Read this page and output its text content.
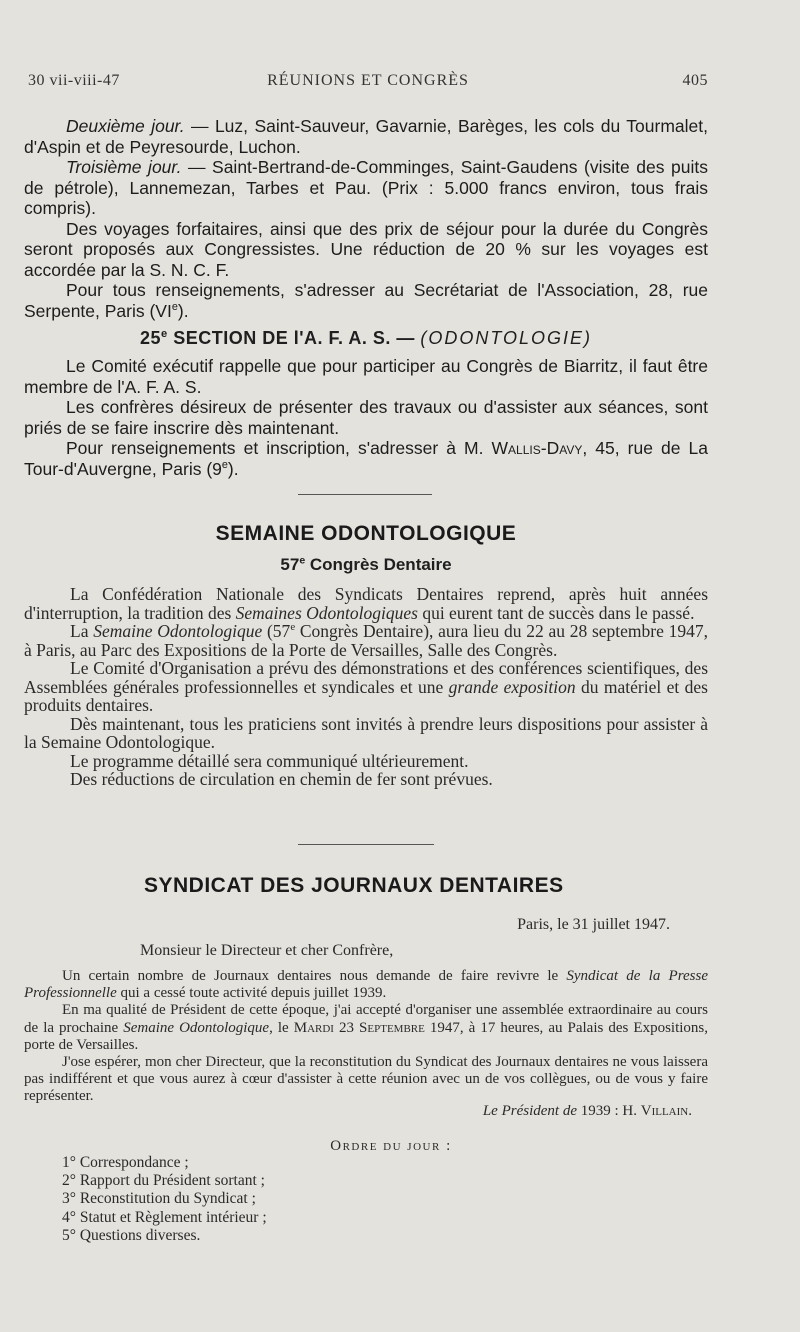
30 vii-viii-47	RÉUNIONS ET CONGRÈS	405

Deuxième jour. — Luz, Saint-Sauveur, Gavarnie, Barèges, les cols du Tourmalet, d'Aspin et de Peyresourde, Luchon.

Troisième jour. — Saint-Bertrand-de-Comminges, Saint-Gaudens (visite des puits de pétrole), Lannemezan, Tarbes et Pau. (Prix : 5.000 francs environ, tous frais compris).

Des voyages forfaitaires, ainsi que des prix de séjour pour la durée du Congrès seront proposés aux Congressistes. Une réduction de 20 % sur les voyages est accordée par la S. N. C. F.

Pour tous renseignements, s'adresser au Secrétariat de l'Association, 28, rue Serpente, Paris (VIe).

25e SECTION DE l'A. F. A. S. — (ODONTOLOGIE)

Le Comité exécutif rappelle que pour participer au Congrès de Biarritz, il faut être membre de l'A. F. A. S.

Les confrères désireux de présenter des travaux ou d'assister aux séances, sont priés de se faire inscrire dès maintenant.

Pour renseignements et inscription, s'adresser à M. Wallis-Davy, 45, rue de La Tour-d'Auvergne, Paris (9e).

SEMAINE ODONTOLOGIQUE
57e Congrès Dentaire

La Confédération Nationale des Syndicats Dentaires reprend, après huit années d'interruption, la tradition des Semaines Odontologiques qui eurent tant de succès dans le passé.

La Semaine Odontologique (57e Congrès Dentaire), aura lieu du 22 au 28 septembre 1947, à Paris, au Parc des Expositions de la Porte de Versailles, Salle des Congrès.

Le Comité d'Organisation a prévu des démonstrations et des conférences scientifiques, des Assemblées générales professionnelles et syndicales et une grande exposition du matériel et des produits dentaires.

Dès maintenant, tous les praticiens sont invités à prendre leurs dispositions pour assister à la Semaine Odontologique.

Le programme détaillé sera communiqué ultérieurement.

Des réductions de circulation en chemin de fer sont prévues.

SYNDICAT DES JOURNAUX DENTAIRES
Paris, le 31 juillet 1947.
Monsieur le Directeur et cher Confrère,

Un certain nombre de Journaux dentaires nous demande de faire revivre le Syndicat de la Presse Professionnelle qui a cessé toute activité depuis juillet 1939.

En ma qualité de Président de cette époque, j'ai accepté d'organiser une assemblée extraordinaire au cours de la prochaine Semaine Odontologique, le Mardi 23 Septembre 1947, à 17 heures, au Palais des Expositions, porte de Versailles.

J'ose espérer, mon cher Directeur, que la reconstitution du Syndicat des Journaux dentaires ne vous laissera pas indifférent et que vous aurez à cœur d'assister à cette réunion avec un de vos collègues, ou de vous y faire représenter.

Le Président de 1939 : H. Villain.
Ordre du jour :
1° Correspondance ;
2° Rapport du Président sortant ;
3° Reconstitution du Syndicat ;
4° Statut et Règlement intérieur ;
5° Questions diverses.
